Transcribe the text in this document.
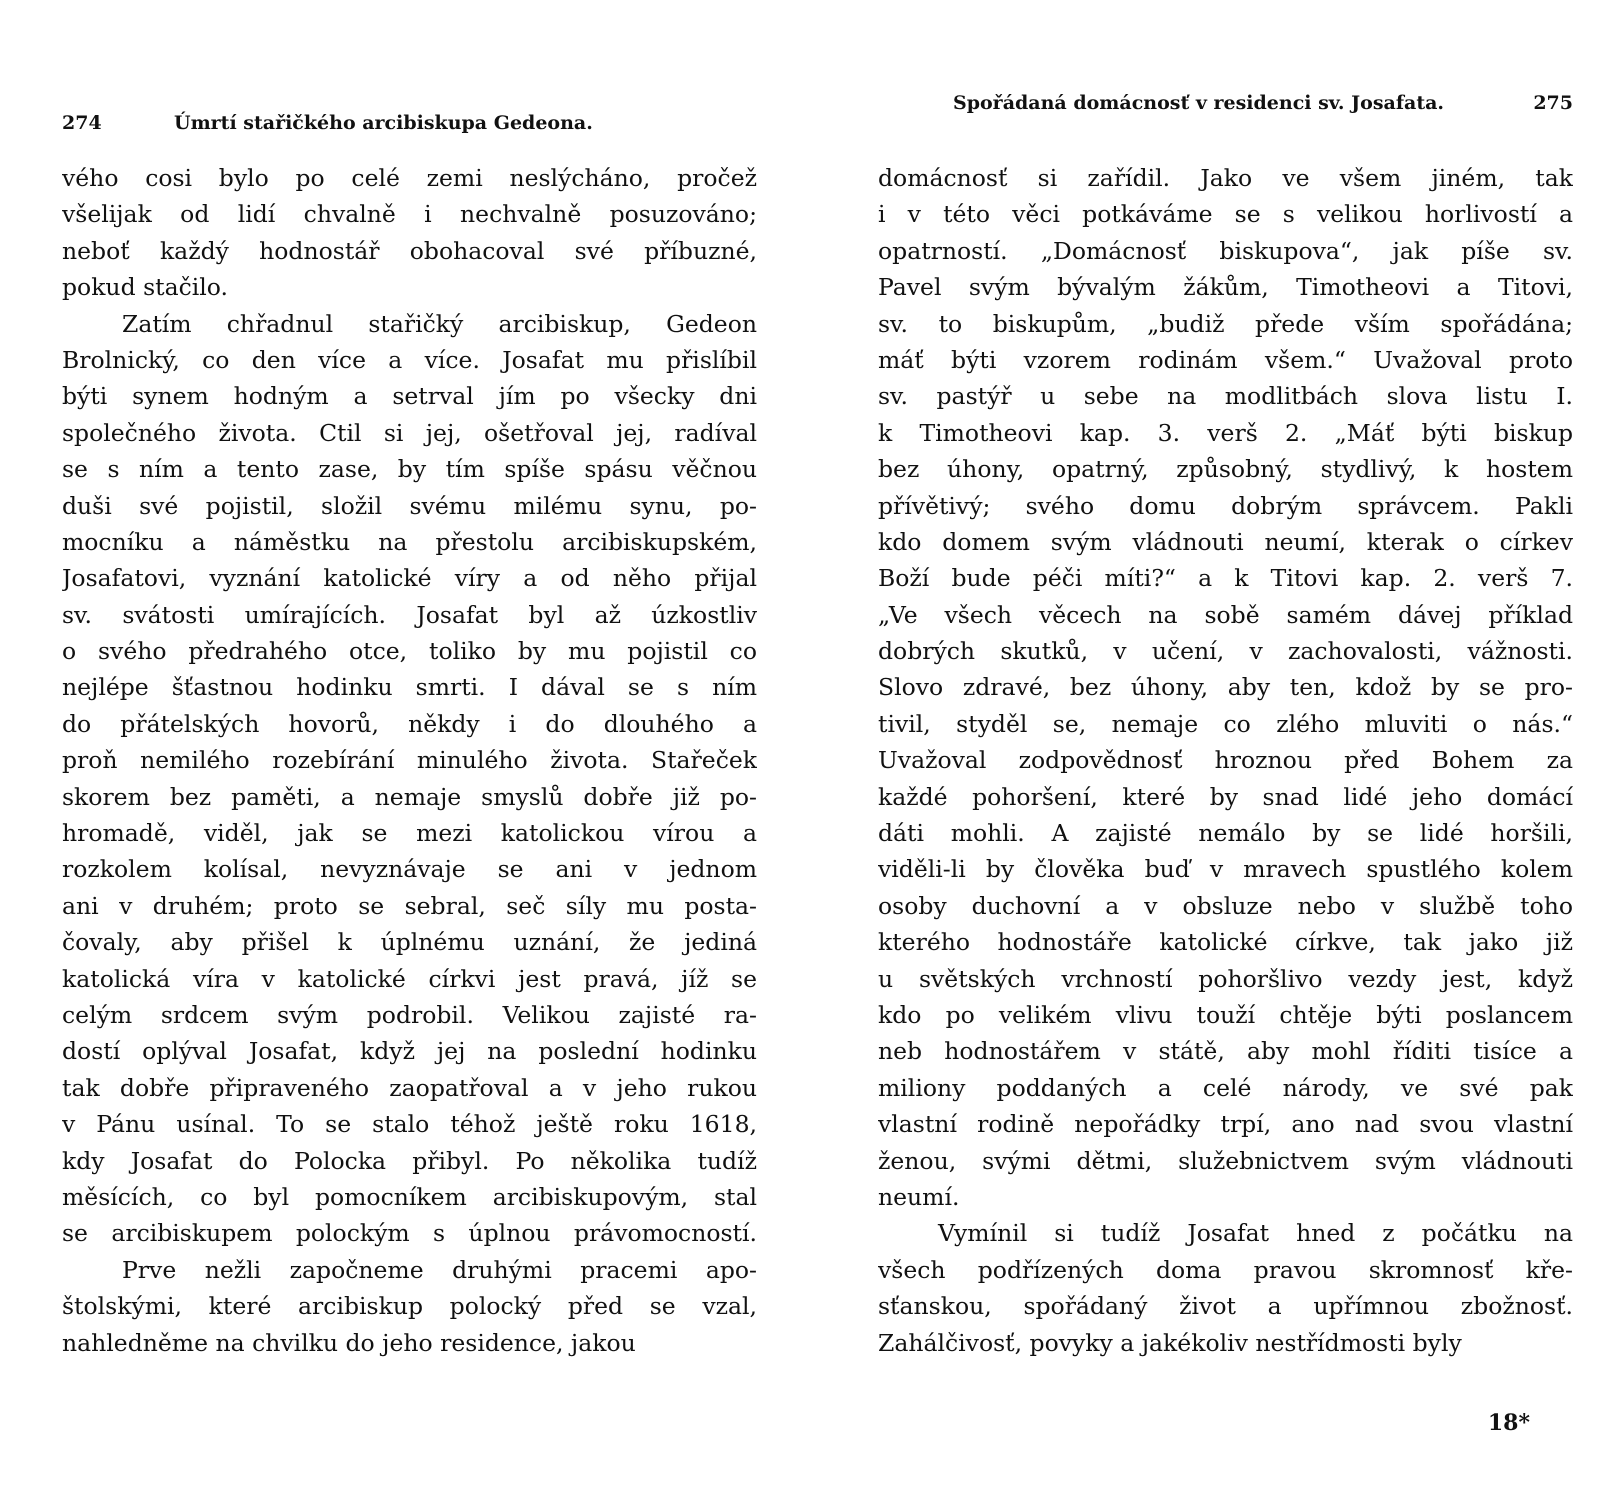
274	Úmrtí stařičkého arcibiskupa Gedeona.
vého cosi bylo po celé zemi neslýcháno, pročež
všelijak od lidí chvalně i nechvalně posuzováno;
neboť každý hodnostář obohacoval své příbuzné,
pokud stačilo.
Zatím chřadnul stařičký arcibiskup, Gedeon
Brolnický, co den více a více. Josafat mu přislíbil
býti synem hodným a setrval jím po všecky dni
společného života. Ctil si jej, ošetřoval jej, radíval
se s ním a tento zase, by tím spíše spásu věčnou
duši své pojistil, složil svému milému synu, po-
mocníku a náměstku na přestolu arcibiskupském,
Josafatovi, vyznání katolické víry a od něho přijal
sv. svátosti umírajících. Josafat byl až úzkostliv
o svého předrahého otce, toliko by mu pojistil co
nejlépe šťastnou hodinku smrti. I dával se s ním
do přátelských hovorů, někdy i do dlouhého a
proň nemilého rozebírání minulého života. Stařeček
skorem bez paměti, a nemaje smyslů dobře již po-
hromadě, viděl, jak se mezi katolickou vírou a
rozkolem kolísal, nevyznávaje se ani v jednom
ani v druhém; proto se sebral, seč síly mu posta-
čovaly, aby přišel k úplnému uznání, že jediná
katolická víra v katolické církvi jest pravá, jíž se
celým srdcem svým podrobil. Velikou zajisté ra-
dostí oplýval Josafat, když jej na poslední hodinku
tak dobře připraveného zaopatřoval a v jeho rukou
v Pánu usínal. To se stalo téhož ještě roku 1618,
kdy Josafat do Polocka přibyl. Po několika tudíž
měsících, co byl pomocníkem arcibiskupovým, stal
se arcibiskupem polockým s úplnou právomocností.
Prve nežli započneme druhými pracemi apo-
štolskými, které arcibiskup polocký před se vzal,
nahledněme na chvilku do jeho residence, jakou
Spořádaná domácnosť v residenci sv. Josafata.	275
domácnosť si zařídil. Jako ve všem jiném, tak
i v této věci potkáváme se s velikou horlivostí a
opatrností. „Domácnosť biskupova“, jak píše sv.
Pavel svým bývalým žákům, Timotheovi a Titovi,
sv. to biskupům, „budiž přede vším spořádána;
máť býti vzorem rodinám všem.“ Uvažoval proto
sv. pastýř u sebe na modlitbách slova listu I.
k Timotheovi kap. 3. verš 2. „Máť býti biskup
bez úhony, opatrný, způsobný, stydlivý, k hostem
přívětivý; svého domu dobrým správcem. Pakli
kdo domem svým vládnouti neumí, kterak o církev
Boží bude péči míti?“ a k Titovi kap. 2. verš 7.
„Ve všech věcech na sobě samém dávej příklad
dobrých skutků, v učení, v zachovalosti, vážnosti.
Slovo zdravé, bez úhony, aby ten, kdož by se pro-
tivil, styděl se, nemaje co zlého mluviti o nás.“
Uvažoval zodpovědnosť hroznou před Bohem za
každé pohoršení, které by snad lidé jeho domácí
dáti mohli. A zajisté nemálo by se lidé horšili,
viděli-li by člověka buď v mravech spustlého kolem
osoby duchovní a v obsluze nebo v službě toho
kterého hodnostáře katolické církve, tak jako již
u světských vrchností pohoršlivo vezdy jest, když
kdo po velikém vlivu touží chtěje býti poslancem
neb hodnostářem v státě, aby mohl říditi tisíce a
miliony poddaných a celé národy, ve své pak
vlastní rodině nepořádky trpí, ano nad svou vlastní
ženou, svými dětmi, služebnictvem svým vládnouti
neumí.
Vymínil si tudíž Josafat hned z počátku na
všech podřízených doma pravou skromnosť kře-
sťanskou, spořádaný život a upřímnou zbožnosť.
Zahálčivosť, povyky a jakékoliv nestřídmosti byly
18*
